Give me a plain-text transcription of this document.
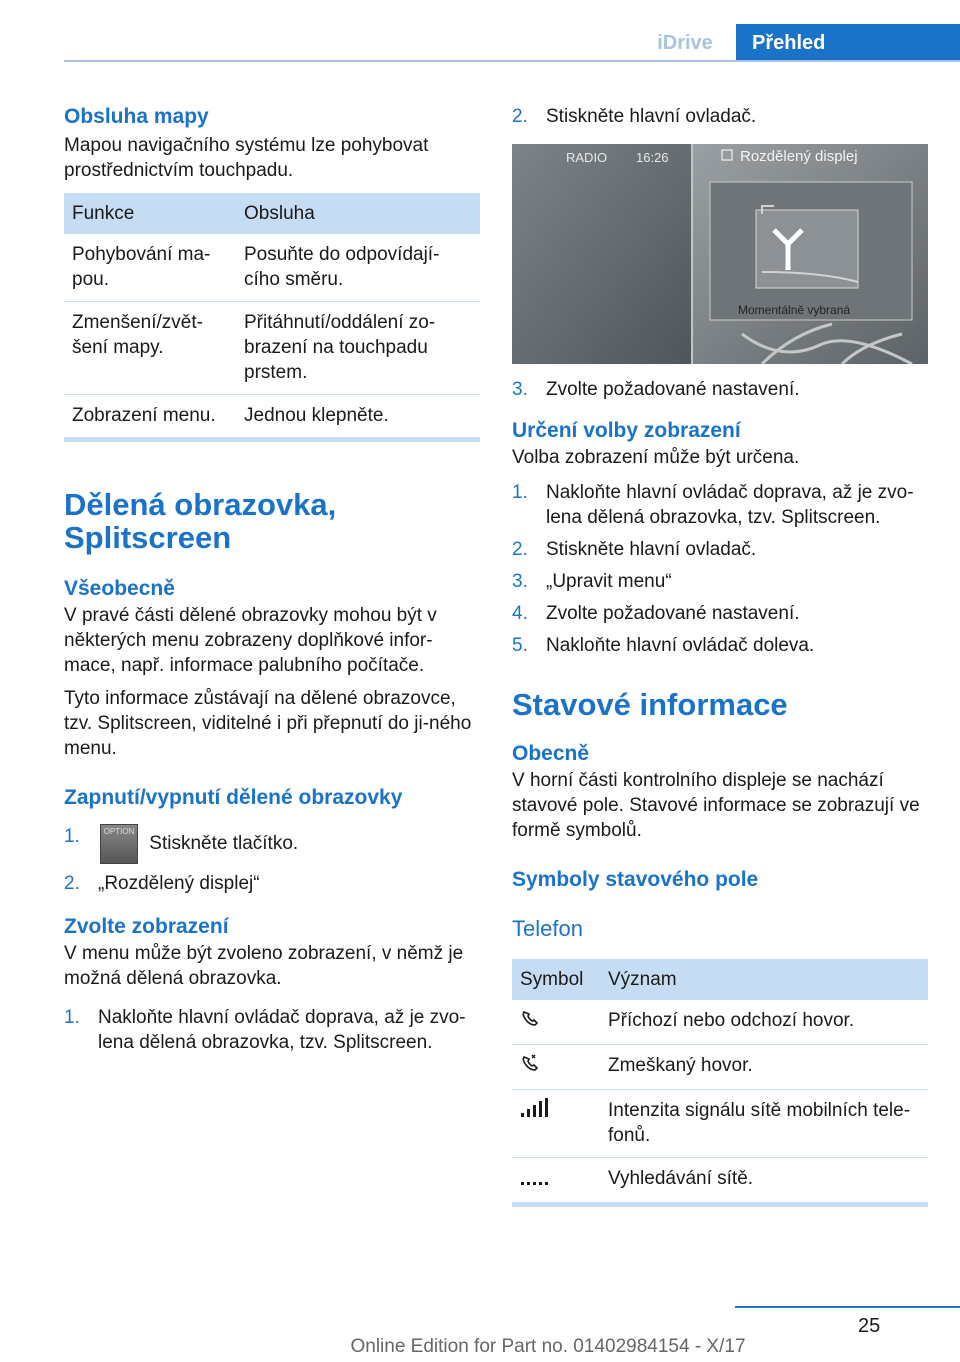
iDrive	Přehled
Obsluha mapy
Mapou navigačního systému lze pohybovat prostřednictvím touchpadu.
Funkce	Obsluha
Pohybování ma-pou.	Posuňte do odpovídají-cího směru.
Zmenšení/zvět-šení mapy.	Přitáhnutí/oddálení zo-brazení na touchpadu prstem.
Zobrazení menu.	Jednou klepněte.
Dělená obrazovka, Splitscreen
Všeobecně
V pravé části dělené obrazovky mohou být v některých menu zobrazeny doplňkové infor-mace, např. informace palubního počítače.
Tyto informace zůstávají na dělené obrazovce, tzv. Splitscreen, viditelné i při přepnutí do ji-ného menu.
Zapnutí/vypnutí dělené obrazovky
1.	OPTION Stiskněte tlačítko.
2. „Rozdělený displej“
Zvolte zobrazení
V menu může být zvoleno zobrazení, v němž je možná dělená obrazovka.
1. Nakloňte hlavní ovládač doprava, až je zvo-lena dělená obrazovka, tzv. Splitscreen.
2. Stiskněte hlavní ovladač.
RADIO 16:26	Rozdělený displej
Momentálně vybraná
3. Zvolte požadované nastavení.
Určení volby zobrazení
Volba zobrazení může být určena.
1. Nakloňte hlavní ovládač doprava, až je zvo-lena dělená obrazovka, tzv. Splitscreen.
2. Stiskněte hlavní ovladač.
3. „Upravit menu“
4. Zvolte požadované nastavení.
5. Nakloňte hlavní ovládač doleva.
Stavové informace
Obecně
V horní části kontrolního displeje se nachází stavové pole. Stavové informace se zobrazují ve formě symbolů.
Symboly stavového pole
Telefon
Symbol	Význam
	Příchozí nebo odchozí hovor.
	Zmeškaný hovor.
	Intenzita signálu sítě mobilních tele-fonů.
	Vyhledávání sítě.
25
Online Edition for Part no. 01402984154 - X/17
